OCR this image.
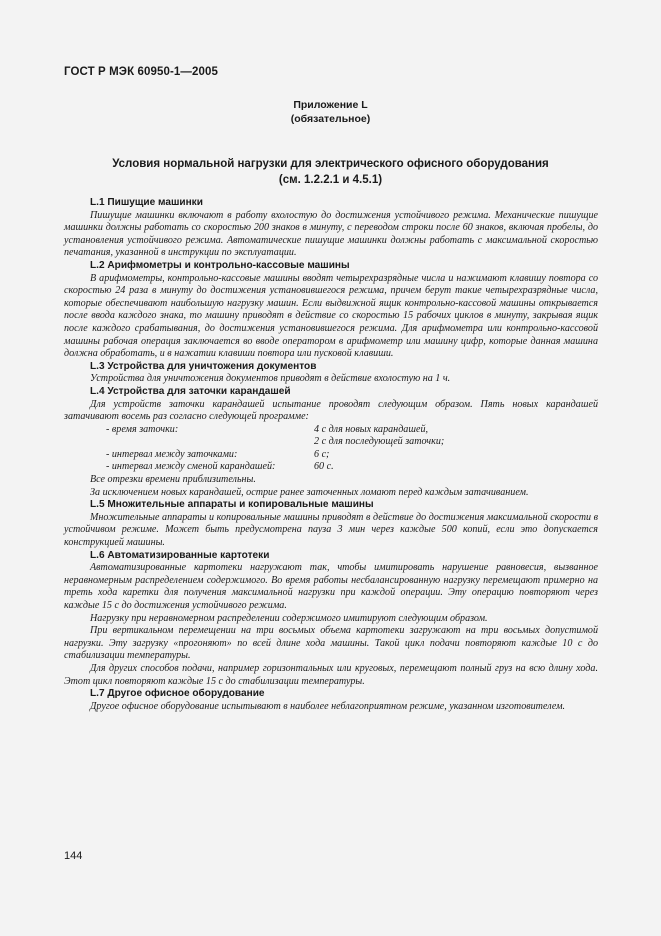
ГОСТ Р МЭК 60950-1—2005
Приложение L
(обязательное)
Условия нормальной нагрузки для электрического офисного оборудования
(см. 1.2.2.1 и 4.5.1)
L.1 Пишущие машинки

Пишущие машинки включают в работу вхолостую до достижения устойчивого режима. Механические пишущие машинки должны работать со скоростью 200 знаков в минуту, с переводом строки после 60 знаков, включая пробелы, до установления устойчивого режима. Автоматические пишущие машинки должны работать с максимальной скоростью печатания, указанной в инструкции по эксплуатации.

L.2 Арифмометры и контрольно-кассовые машины

В арифмометры, контрольно-кассовые машины вводят четырехразрядные числа и нажимают клавишу повтора со скоростью 24 раза в минуту до достижения установившегося режима, причем берут такие четырехразрядные числа, которые обеспечивают наибольшую нагрузку машин. Если выдвижной ящик контрольно-кассовой машины открывается после ввода каждого знака, то машину приводят в действие со скоростью 15 рабочих циклов в минуту, закрывая ящик после каждого срабатывания, до достижения установившегося режима. Для арифмометра или контрольно-кассовой машины рабочая операция заключается во вводе оператором в арифмометр или машину цифр, которые данная машина должна обработать, и в нажатии клавиши повтора или пусковой клавиши.

L.3 Устройства для уничтожения документов

Устройства для уничтожения документов приводят в действие вхолостую на 1 ч.

L.4 Устройства для заточки карандашей

Для устройств заточки карандашей испытание проводят следующим образом. Пять новых карандашей затачивают восемь раз согласно следующей программе:

- время заточки:	4 с для новых карандашей,
2 с для последующей заточки;
- интервал между заточками:	6 с;
- интервал между сменой карандашей:	60 с.

Все отрезки времени приблизительны.

За исключением новых карандашей, острие ранее заточенных ломают перед каждым затачиванием.

L.5 Множительные аппараты и копировальные машины

Множительные аппараты и копировальные машины приводят в действие до достижения максимальной скорости в устойчивом режиме. Может быть предусмотрена пауза 3 мин через каждые 500 копий, если это допускается конструкцией машины.

L.6 Автоматизированные картотеки

Автоматизированные картотеки нагружают так, чтобы имитировать нарушение равновесия, вызванное неравномерным распределением содержимого. Во время работы несбалансированную нагрузку перемещают примерно на треть хода каретки для получения максимальной нагрузки при каждой операции. Эту операцию повторяют через каждые 15 с до достижения устойчивого режима.

Нагрузку при неравномерном распределении содержимого имитируют следующим образом.

При вертикальном перемещении на три восьмых объема картотеки загружают на три восьмых допустимой нагрузки. Эту загрузку «прогоняют» по всей длине хода машины. Такой цикл подачи повторяют каждые 10 с до стабилизации температуры.

Для других способов подачи, например горизонтальных или круговых, перемещают полный груз на всю длину хода. Этот цикл повторяют каждые 15 с до стабилизации температуры.

L.7 Другое офисное оборудование

Другое офисное оборудование испытывают в наиболее неблагоприятном режиме, указанном изготовителем.

144
